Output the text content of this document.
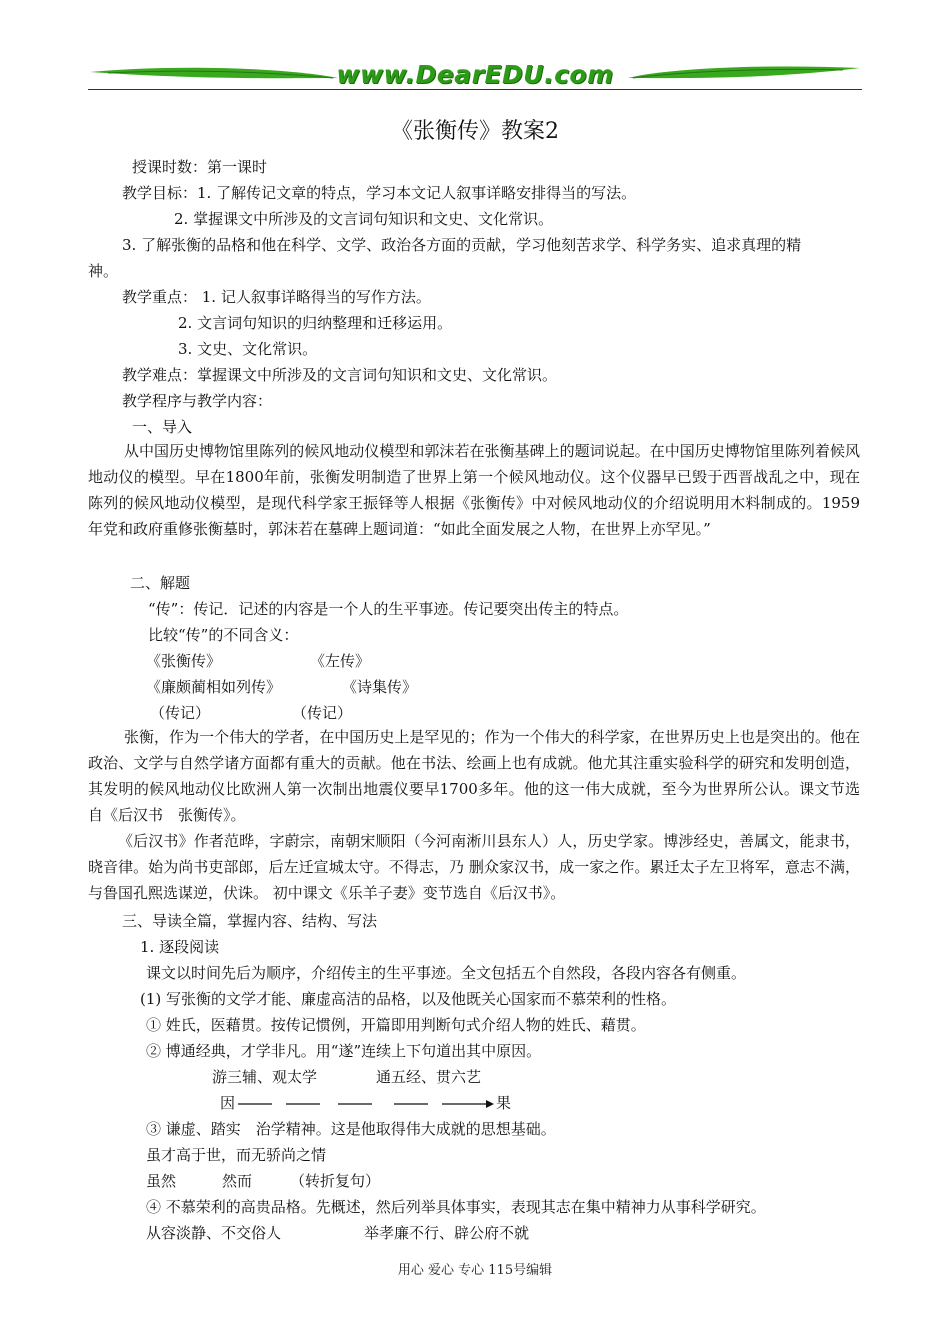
www.DearEDU.com
《张衡传》教案2
授课时数：第一课时
教学目标：1. 了解传记文章的特点，学习本文记人叙事详略安排得当的写法。
2. 掌握课文中所涉及的文言词句知识和文史、文化常识。
3. 了解张衡的品格和他在科学、文学、政治各方面的贡献，学习他刻苦求学、科学务实、追求真理的精
神。
教学重点： 1. 记人叙事详略得当的写作方法。
2. 文言词句知识的归纳整理和迁移运用。
3. 文史、文化常识。
教学难点：掌握课文中所涉及的文言词句知识和文史、文化常识。
教学程序与教学内容：
一、导入
从中国历史博物馆里陈列的候风地动仪模型和郭沫若在张衡基碑上的题词说起。在中国历史博物馆里陈列着候风地动仪的模型。早在1800年前，张衡发明制造了世界上第一个候风地动仪。这个仪器早已毁于西晋战乱之中，现在陈列的候风地动仪模型，是现代科学家王振铎等人根据《张衡传》中对候风地动仪的介绍说明用木料制成的。1959年党和政府重修张衡墓时，郭沫若在墓碑上题词道：“如此全面发展之人物，在世界上亦罕见。”
二、解题
“传”：传记．记述的内容是一个人的生平事迹。传记要突出传主的特点。
比较“传”的不同含义：
《张衡传》	《左传》
《廉颇蔺相如列传》	《诗集传》
（传记）	（传记）
张衡，作为一个伟大的学者，在中国历史上是罕见的；作为一个伟大的科学家，在世界历史上也是突出的。他在政治、文学与自然学诸方面都有重大的贡献。他在书法、绘画上也有成就。他尤其注重实验科学的研究和发明创造，其发明的候风地动仪比欧洲人第一次制出地震仪要早1700多年。他的这一伟大成就，至今为世界所公认。课文节选自《后汉书　张衡传》。
《后汉书》作者范晔，字蔚宗，南朝宋顺阳（今河南淅川县东人）人，历史学家。博涉经史，善属文，能隶书，晓音律。始为尚书吏部郎，后左迁宣城太守。不得志，乃 删众家汉书，成一家之作。累迁太子左卫将军，意志不满，与鲁国孔熙选谋逆，伏诛。 初中课文《乐羊子妻》变节选自《后汉书》。
三、导读全篇，掌握内容、结构、写法
1. 逐段阅读
课文以时间先后为顺序，介绍传主的生平事迹。全文包括五个自然段，各段内容各有侧重。
(1) 写张衡的文学才能、廉虚高洁的品格，以及他既关心国家而不慕荣利的性格。
① 姓氏，医藉贯。按传记惯例，开篇即用判断句式介绍人物的姓氏、藉贯。
② 博通经典，才学非凡。用“遂”连续上下句道出其中原因。
游三辅、观太学	通五经、贯六艺
因	果
③ 谦虚、踏实　治学精神。这是他取得伟大成就的思想基础。
虽才高于世，而无骄尚之情
虽然	然而	（转折复句）
④ 不慕荣利的高贵品格。先概述，然后列举具体事实，表现其志在集中精神力从事科学研究。
从容淡静、不交俗人	举孝廉不行、辟公府不就
用心 爱心 专心 115号编辑
